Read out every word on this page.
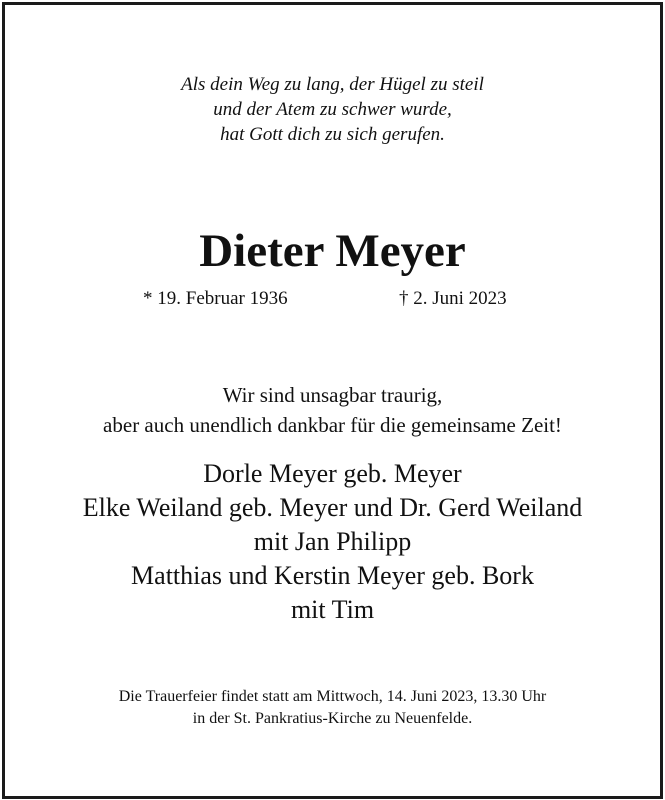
Als dein Weg zu lang, der Hügel zu steil
und der Atem zu schwer wurde,
hat Gott dich zu sich gerufen.
Dieter Meyer
* 19. Februar 1936	† 2. Juni 2023
Wir sind unsagbar traurig,
aber auch unendlich dankbar für die gemeinsame Zeit!
Dorle Meyer geb. Meyer
Elke Weiland geb. Meyer und Dr. Gerd Weiland
mit Jan Philipp
Matthias und Kerstin Meyer geb. Bork
mit Tim
Die Trauerfeier findet statt am Mittwoch, 14. Juni 2023, 13.30 Uhr
in der St. Pankratius-Kirche zu Neuenfelde.
